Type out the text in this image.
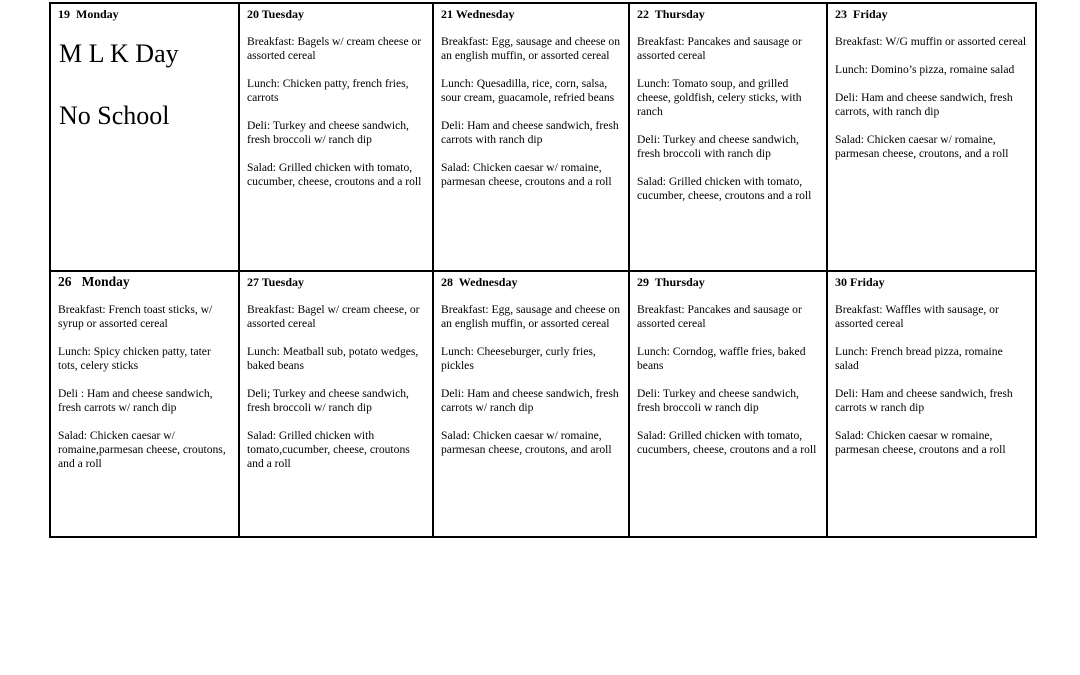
19  Monday
M L K Day
No School
20 Tuesday
Breakfast: Bagels w/ cream cheese or assorted cereal
Lunch: Chicken patty, french fries, carrots
Deli: Turkey and cheese sandwich, fresh broccoli w/ ranch dip
Salad: Grilled chicken with tomato, cucumber, cheese, croutons and a roll
21 Wednesday
Breakfast: Egg, sausage and cheese on an english muffin, or assorted cereal
Lunch: Quesadilla, rice, corn, salsa, sour cream, guacamole, refried beans
Deli: Ham and cheese sandwich, fresh carrots with ranch dip
Salad: Chicken caesar w/ romaine, parmesan cheese, croutons and a roll
22  Thursday
Breakfast: Pancakes and sausage or assorted cereal
Lunch: Tomato soup, and grilled cheese, goldfish, celery sticks, with ranch
Deli: Turkey and cheese sandwich, fresh broccoli with ranch dip
Salad: Grilled chicken with tomato, cucumber, cheese, croutons and a roll
23  Friday
Breakfast: W/G muffin or assorted cereal
Lunch: Domino’s pizza, romaine salad
Deli: Ham and cheese sandwich, fresh carrots, with ranch dip
Salad: Chicken caesar w/ romaine, parmesan cheese, croutons, and a roll
26   Monday
Breakfast: French toast sticks, w/ syrup or assorted cereal
Lunch: Spicy chicken patty, tater tots, celery sticks
Deli : Ham and cheese sandwich, fresh carrots w/ ranch dip
Salad: Chicken caesar w/ romaine,parmesan cheese, croutons, and a roll
27 Tuesday
Breakfast: Bagel w/ cream cheese, or assorted cereal
Lunch: Meatball sub, potato wedges, baked beans
Deli; Turkey and cheese sandwich, fresh broccoli w/ ranch dip
Salad: Grilled chicken with tomato,cucumber, cheese, croutons and a roll
28  Wednesday
Breakfast: Egg, sausage and cheese on an english muffin, or assorted cereal
Lunch: Cheeseburger, curly fries, pickles
Deli: Ham and cheese sandwich, fresh carrots w/ ranch dip
Salad: Chicken caesar w/ romaine, parmesan cheese, croutons, and aroll
29  Thursday
Breakfast: Pancakes and sausage or assorted cereal
Lunch: Corndog, waffle fries, baked beans
Deli: Turkey and cheese sandwich, fresh broccoli w ranch dip
Salad: Grilled chicken with tomato, cucumbers, cheese, croutons and a roll
30 Friday
Breakfast: Waffles with sausage, or assorted cereal
Lunch: French bread pizza, romaine salad
Deli: Ham and cheese sandwich, fresh carrots w ranch dip
Salad: Chicken caesar w romaine, parmesan cheese, croutons and a roll
